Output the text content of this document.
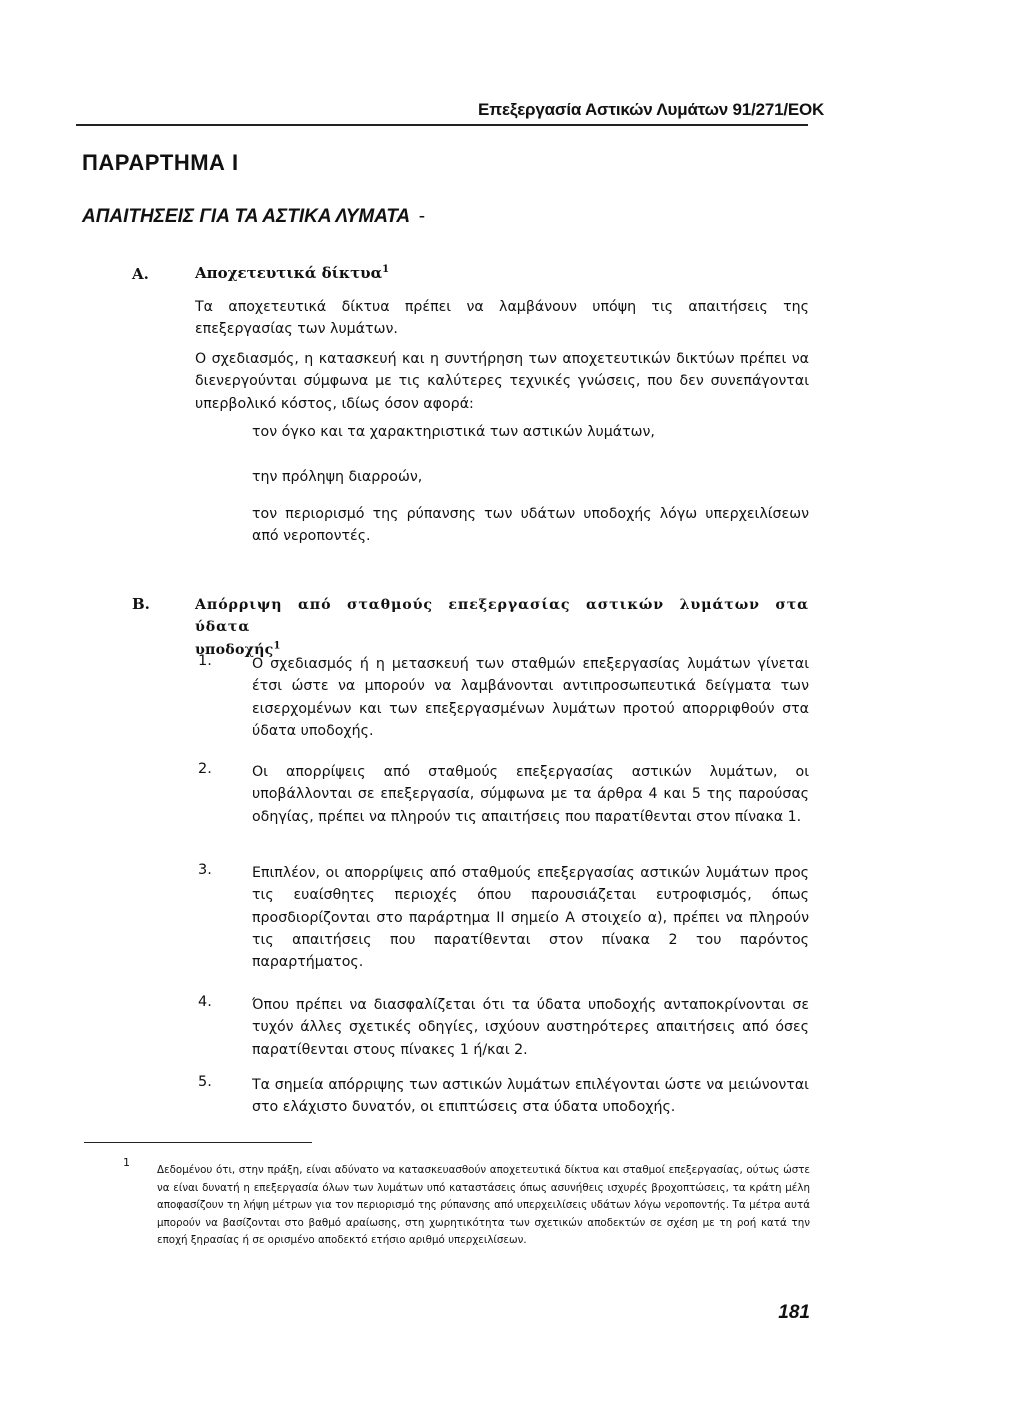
Επεξεργασία Αστικών Λυμάτων 91/271/ΕΟΚ
ΠΑΡΑΡΤΗΜΑ Ι
ΑΠΑΙΤΗΣΕΙΣ ΓΙΑ ΤΑ ΑΣΤΙΚΑ ΛΥΜΑΤΑ -
Α.	Αποχετευτικά δίκτυα$^1$
Τα αποχετευτικά δίκτυα πρέπει να λαμβάνουν υπόψη τις απαιτήσεις της επεξεργασίας των λυμάτων.
Ο σχεδιασμός, η κατασκευή και η συντήρηση των αποχετευτικών δικτύων πρέπει να διενεργούνται σύμφωνα με τις καλύτερες τεχνικές γνώσεις, που δεν συνεπάγονται υπερβολικό κόστος, ιδίως όσον αφορά:
τον όγκο και τα χαρακτηριστικά των αστικών λυμάτων,
την πρόληψη διαρροών,
τον περιορισμό της ρύπανσης των υδάτων υποδοχής λόγω υπερχειλίσεων από νεροποντές.
Β.	Απόρριψη από σταθμούς επεξεργασίας αστικών λυμάτων στα ύδατα
υποδοχής$^1$
1.	Ο σχεδιασμός ή η μετασκευή των σταθμών επεξεργασίας λυμάτων γίνεται έτσι ώστε να μπορούν να λαμβάνονται αντιπροσωπευτικά δείγματα των εισερχομένων και των επεξεργασμένων λυμάτων προτού απορριφθούν στα ύδατα υποδοχής.
2.	Οι απορρίψεις από σταθμούς επεξεργασίας αστικών λυμάτων, οι υποβάλλονται σε επεξεργασία, σύμφωνα με τα άρθρα 4 και 5 της παρούσας οδηγίας, πρέπει να πληρούν τις απαιτήσεις που παρατίθενται στον πίνακα 1.
3.	Επιπλέον, οι απορρίψεις από σταθμούς επεξεργασίας αστικών λυμάτων προς τις ευαίσθητες περιοχές όπου παρουσιάζεται ευτροφισμός, όπως προσδιορίζονται στο παράρτημα ΙΙ σημείο Α στοιχείο α), πρέπει να πληρούν τις απαιτήσεις που παρατίθενται στον πίνακα 2 του παρόντος παραρτήματος.
4.	Όπου πρέπει να διασφαλίζεται ότι τα ύδατα υποδοχής ανταποκρίνονται σε τυχόν άλλες σχετικές οδηγίες, ισχύουν αυστηρότερες απαιτήσεις από όσες παρατίθενται στους πίνακες 1 ή/και 2.
5.	Τα σημεία απόρριψης των αστικών λυμάτων επιλέγονται ώστε να μειώνονται στο ελάχιστο δυνατόν, οι επιπτώσεις στα ύδατα υποδοχής.
1
Δεδομένου ότι, στην πράξη, είναι αδύνατο να κατασκευασθούν αποχετευτικά δίκτυα και σταθμοί επεξεργασίας, ούτως ώστε να είναι δυνατή η επεξεργασία όλων των λυμάτων υπό καταστάσεις όπως ασυνήθεις ισχυρές βροχοπτώσεις, τα κράτη μέλη αποφασίζουν τη λήψη μέτρων για τον περιορισμό της ρύπανσης από υπερχειλίσεις υδάτων λόγω νεροποντής. Τα μέτρα αυτά μπορούν να βασίζονται στο βαθμό αραίωσης, στη χωρητικότητα των σχετικών αποδεκτών σε σχέση με τη ροή κατά την εποχή ξηρασίας ή σε ορισμένο αποδεκτό ετήσιο αριθμό υπερχειλίσεων.
181
